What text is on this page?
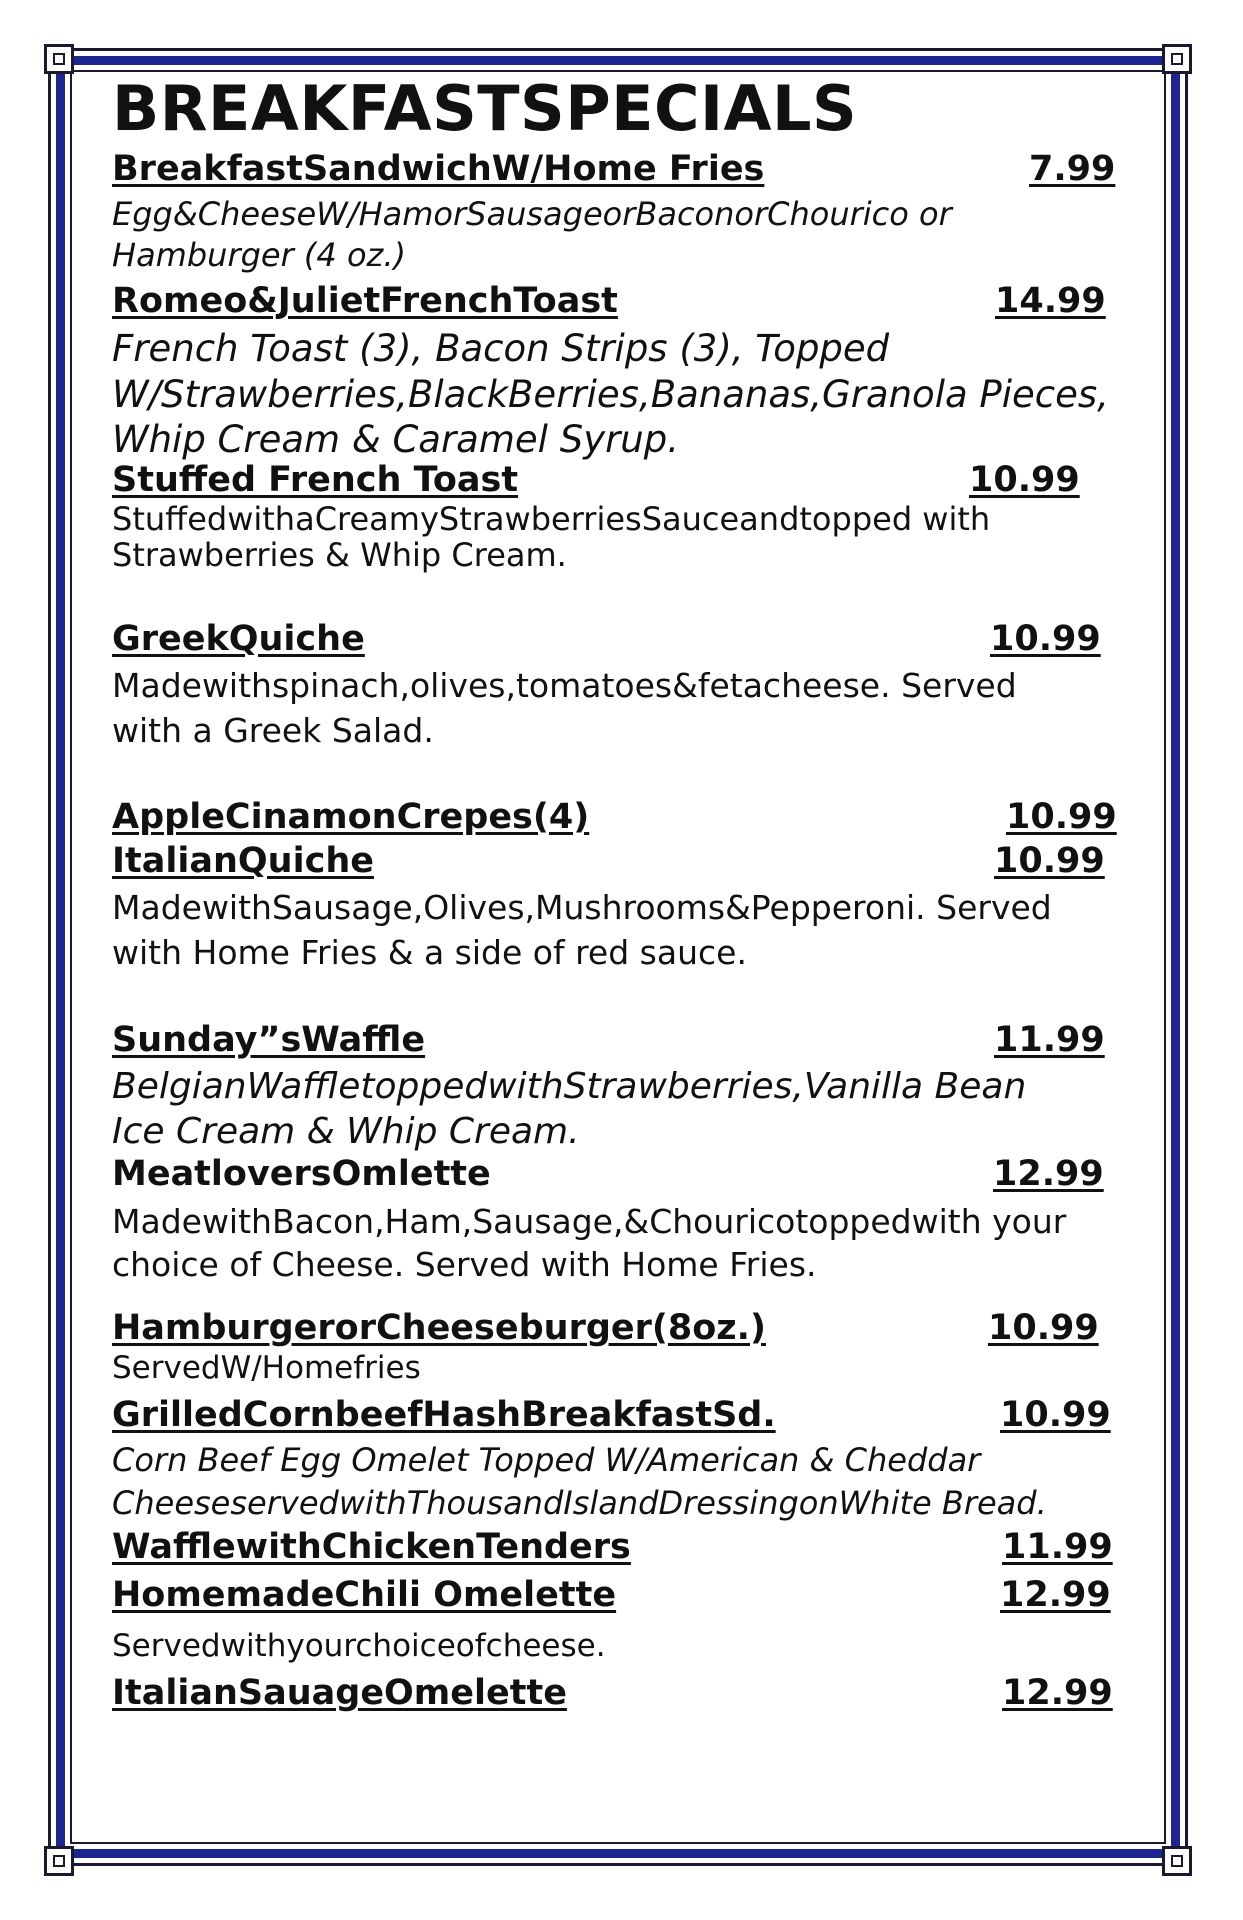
BREAKFASTSPECIALS
BreakfastSandwichW/Home Fries	7.99
Egg&CheeseW/HamorSausageorBaconorChourico or
Hamburger (4 oz.)
Romeo&JulietFrenchToast	14.99
French Toast (3), Bacon Strips (3), Topped
W/Strawberries,BlackBerries,Bananas,Granola Pieces,
Whip Cream & Caramel Syrup.
Stuffed French Toast	10.99
StuffedwithaCreamyStrawberriesSauceandtopped with
Strawberries & Whip Cream.
GreekQuiche	10.99
Madewithspinach,olives,tomatoes&fetacheese. Served
with a Greek Salad.
AppleCinamonCrepes(4)	10.99
ItalianQuiche	10.99
MadewithSausage,Olives,Mushrooms&Pepperoni. Served
with Home Fries & a side of red sauce.
Sunday”sWaffle	11.99
BelgianWaffletoppedwithStrawberries,Vanilla Bean
Ice Cream & Whip Cream.
MeatloversOmlette	12.99
MadewithBacon,Ham,Sausage,&Chouricotoppedwith your
choice of Cheese. Served with Home Fries.
HamburgerorCheeseburger(8oz.)	10.99
ServedW/Homefries
GrilledCornbeefHashBreakfastSd.	10.99
Corn Beef Egg Omelet Topped W/American & Cheddar
CheeseservedwithThousandIslandDressingonWhite Bread.
WafflewithChickenTenders	11.99
HomemadeChili Omelette	12.99
Servedwithyourchoiceofcheese.
ItalianSauageOmelette	12.99
